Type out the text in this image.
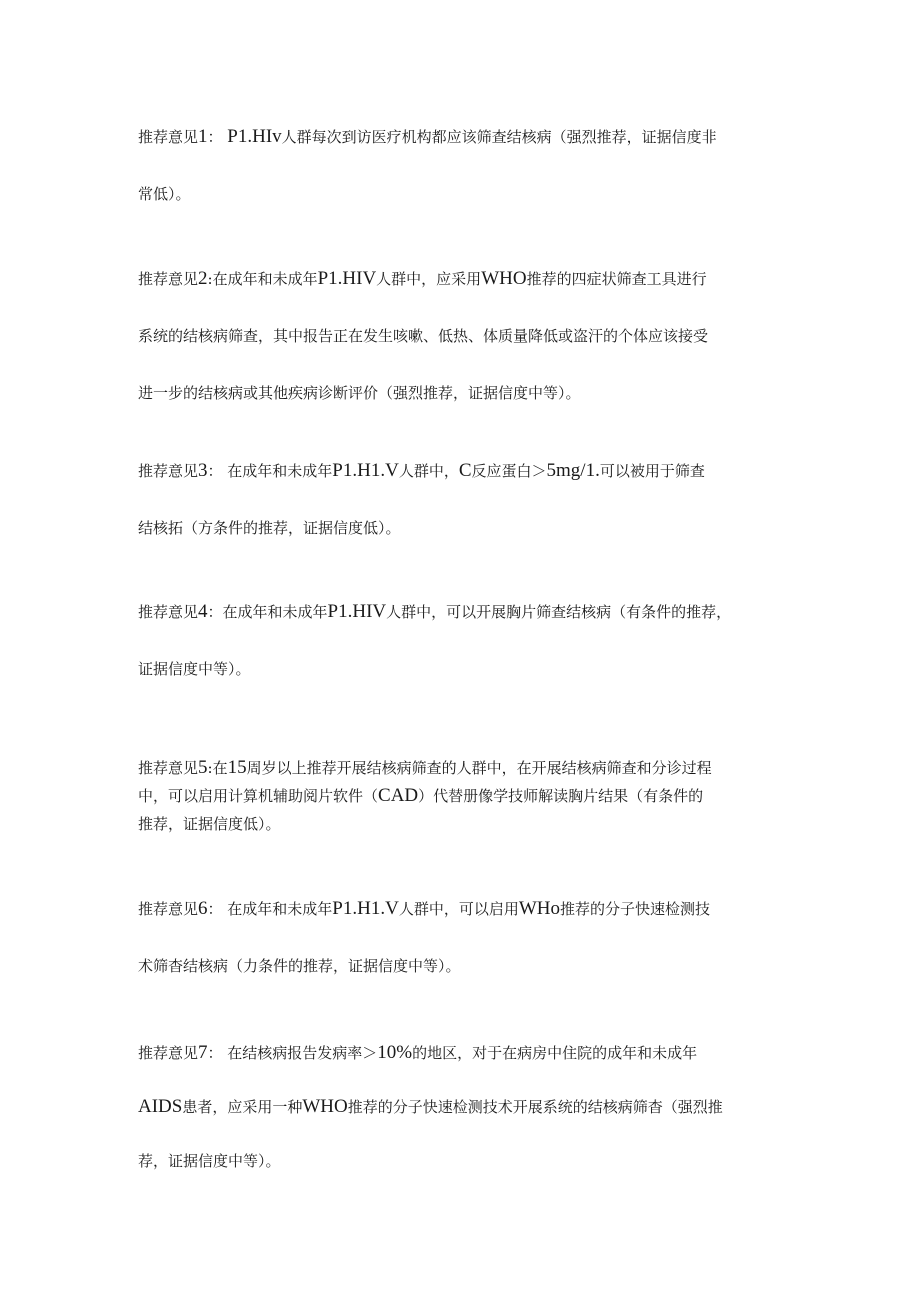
推荐意见1： P1.HIv人群每次到访医疗机构都应该筛查结核病（强烈推荐，证据信度非
常低）。
推荐意见2:在成年和未成年P1.HIV人群中，应采用WHO推荐的四症状筛查工具进行
系统的结核病筛查，其中报告正在发生咳嗽、低热、体质量降低或盗汗的个体应该接受
进一步的结核病或其他疾病诊断评价（强烈推荐，证据信度中等）。
推荐意见3： 在成年和未成年P1.H1.V人群中，C反应蛋白＞5mg/1.可以被用于筛查
结核拓（方条件的推荐，证据信度低）。
推荐意见4：在成年和未成年P1.HIV人群中，可以开展胸片筛查结核病（有条件的推荐，
证据信度中等）。
推荐意见5:在15周岁以上推荐开展结核病筛查的人群中，在开展结核病筛查和分诊过程
中，可以启用计算机辅助阅片软件（CAD）代替册像学技师解读胸片结果（有条件的
推荐，证据信度低）。
推荐意见6： 在成年和未成年P1.H1.V人群中，可以启用WHo推荐的分子快速检测技
术筛杳结核病（力条件的推荐，证据信度中等）。
推荐意见7： 在结核病报告发病率＞10%的地区，对于在病房中住院的成年和未成年
AIDS患者，应采用一种WHO推荐的分子快速检测技术开展系统的结核病筛杳（强烈推
荐，证据信度中等）。
